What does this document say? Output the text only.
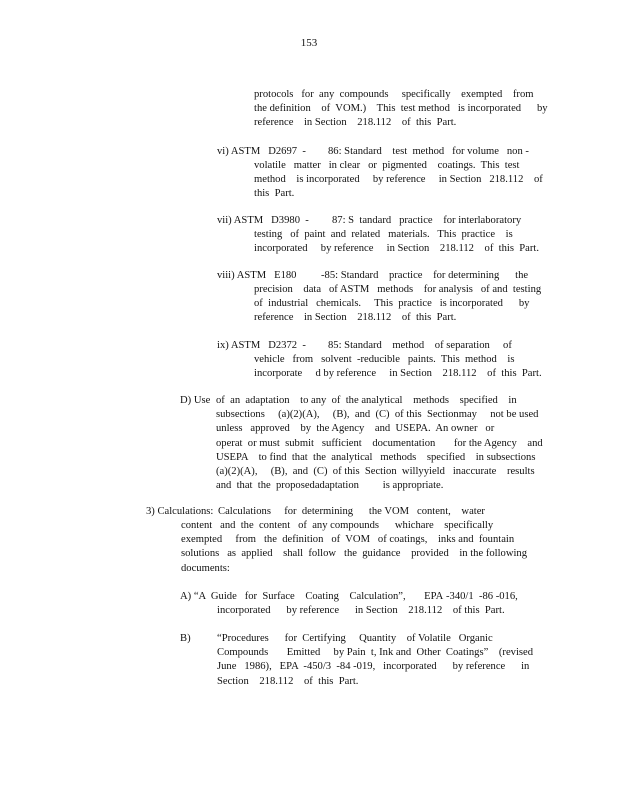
153
protocols   for  any  compounds     specifically    exempted    from
the definition    of  VOM.)    This  test method   is incorporated      by
reference    in Section    218.112    of  this  Part.
vi) ASTM   D2697  - 86: Standard    test  method   for volume   non -
volatile   matter   in clear   or  pigmented    coatings.  This  test
method    is incorporated     by reference     in Section   218.112    of
this  Part.
vii) ASTM   D3980  - 87: S  tandard   practice    for interlaboratory
testing   of  paint  and  related   materials.   This  practice    is
incorporated     by reference     in Section    218.112    of  this  Part.
viii) ASTM   E180 -85: Standard    practice    for determining      the
precision    data   of ASTM   methods    for analysis   of and  testing
of  industrial   chemicals.     This  practice   is incorporated      by
reference    in Section    218.112    of  this  Part.
ix) ASTM   D2372  - 85: Standard    method    of separation     of
vehicle   from   solvent  -reducible   paints.  This  method    is
incorporate     d by reference     in Section    218.112    of  this  Part.
D) Use of  an  adaptation    to any  of  the analytical    methods    specified    in
subsections     (a)(2)(A),     (B),  and  (C)  of this  Sectionmay     not be used
unless   approved    by  the Agency    and  USEPA.  An owner   or
operat  or must  submit   sufficient    documentation       for the Agency    and
USEPA    to find  that  the  analytical   methods    specified    in subsections
(a)(2)(A),     (B),  and  (C)  of this  Section  willyyield   inaccurate    results
and  that  the  proposedadaptation         is appropriate.
3) Calculations: Calculations     for  determining      the VOM   content,    water
content   and  the  content   of  any compounds      whichare    specifically
exempted     from   the  definition   of  VOM   of coatings,    inks and  fountain
solutions   as  applied    shall  follow   the  guidance    provided    in the following
documents:
A) “A  Guide   for  Surface    Coating    Calculation”,       EPA -340/1  -86 -016,
incorporated      by reference      in Section    218.112    of this  Part.
B) “Procedures      for  Certifying     Quantity    of Volatile   Organic
Compounds       Emitted     by Pain  t, Ink and  Other  Coatings”    (revised
June   1986),   EPA  -450/3  -84 -019,   incorporated      by reference      in
Section    218.112    of  this  Part.
